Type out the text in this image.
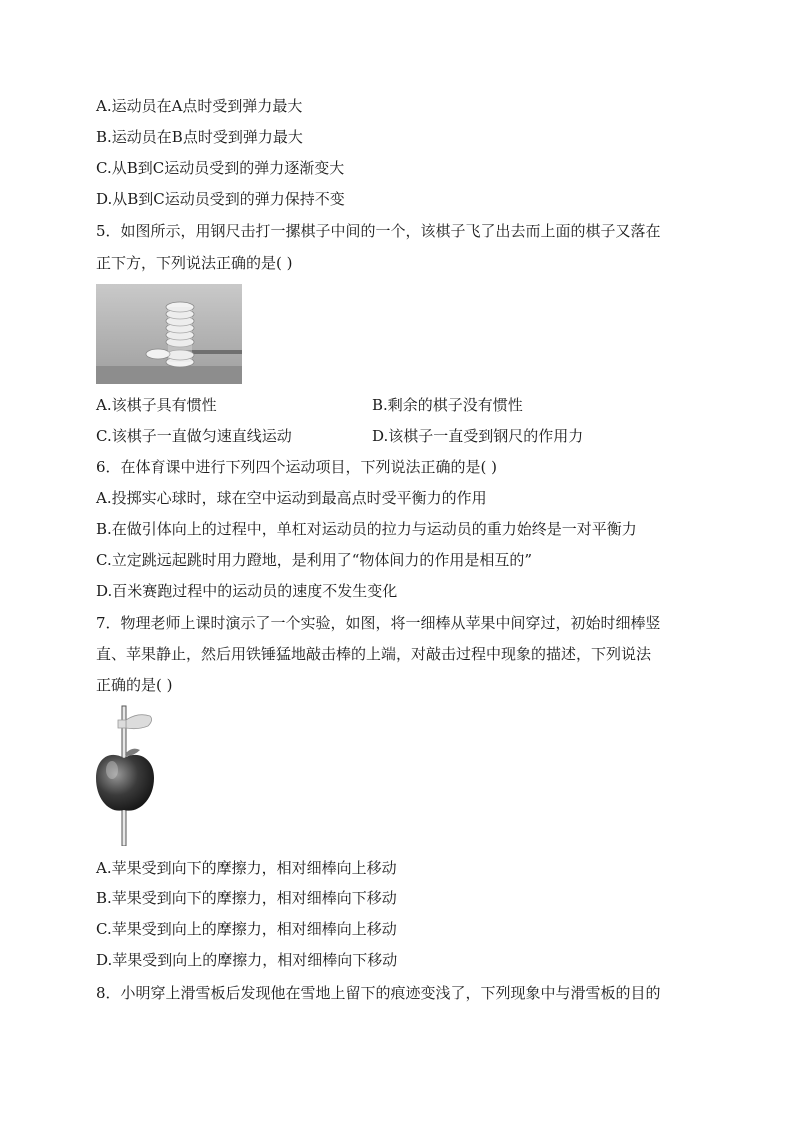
A.运动员在A点时受到弹力最大
B.运动员在B点时受到弹力最大
C.从B到C运动员受到的弹力逐渐变大
D.从B到C运动员受到的弹力保持不变
5．如图所示，用钢尺击打一摞棋子中间的一个，该棋子飞了出去而上面的棋子又落在
正下方，下列说法正确的是( )
A.该棋子具有惯性	B.剩余的棋子没有惯性
C.该棋子一直做匀速直线运动	D.该棋子一直受到钢尺的作用力
6．在体育课中进行下列四个运动项目，下列说法正确的是( )
A.投掷实心球时，球在空中运动到最高点时受平衡力的作用
B.在做引体向上的过程中，单杠对运动员的拉力与运动员的重力始终是一对平衡力
C.立定跳远起跳时用力蹬地，是利用了“物体间力的作用是相互的”
D.百米赛跑过程中的运动员的速度不发生变化
7．物理老师上课时演示了一个实验，如图，将一细棒从苹果中间穿过，初始时细棒竖
直、苹果静止，然后用铁锤猛地敲击棒的上端，对敲击过程中现象的描述，下列说法
正确的是( )
A.苹果受到向下的摩擦力，相对细棒向上移动
B.苹果受到向下的摩擦力，相对细棒向下移动
C.苹果受到向上的摩擦力，相对细棒向上移动
D.苹果受到向上的摩擦力，相对细棒向下移动
8．小明穿上滑雪板后发现他在雪地上留下的痕迹变浅了，下列现象中与滑雪板的目的
